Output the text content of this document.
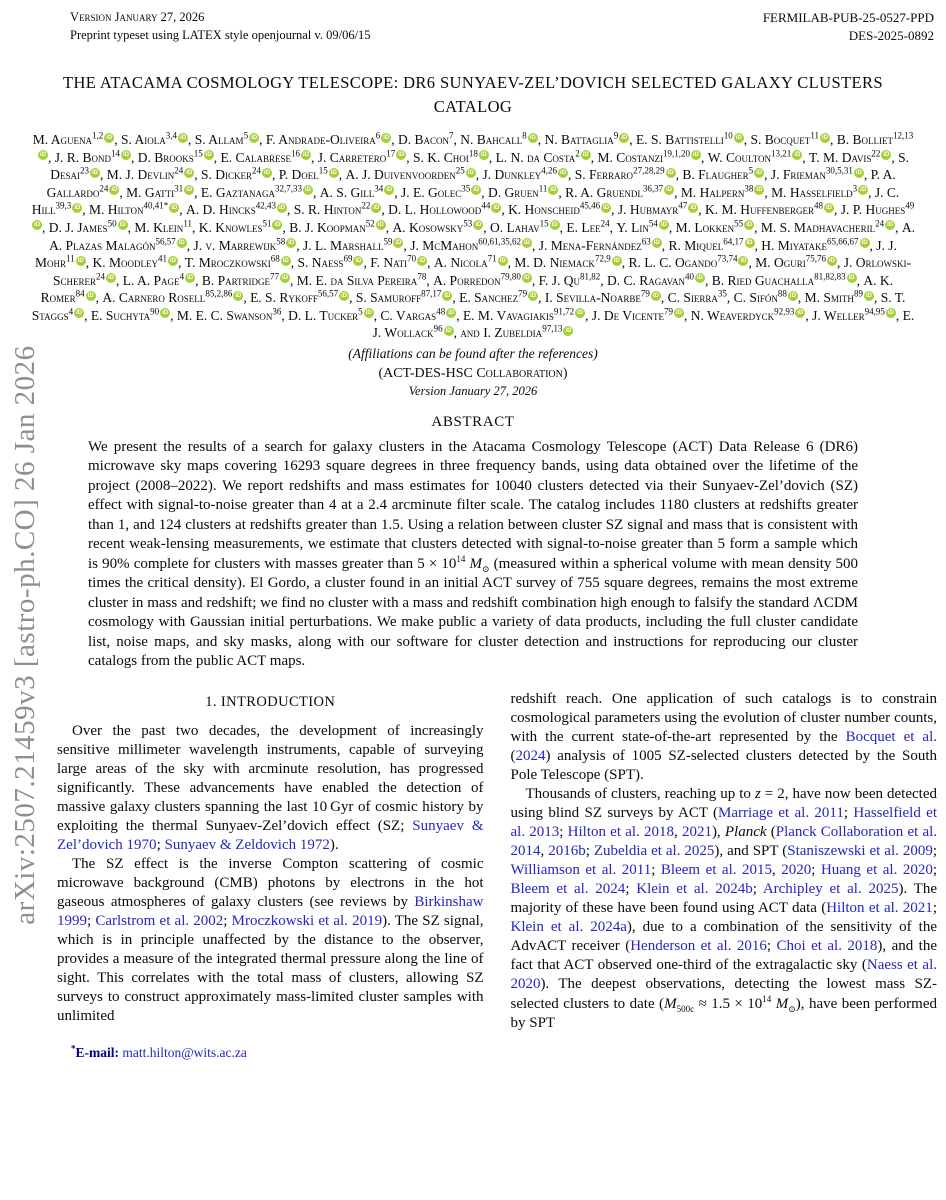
arXiv:2507.21459v3 [astro-ph.CO] 26 Jan 2026
Version January 27, 2026
Preprint typeset using LATEX style openjournal v. 09/06/15
FERMILAB-PUB-25-0527-PPD
DES-2025-0892
THE ATACAMA COSMOLOGY TELESCOPE: DR6 SUNYAEV-ZEL’DOVICH SELECTED GALAXY CLUSTERS CATALOG
M. Aguena$^{1,2}$ iD , S. Aiola$^{3,4}$ iD , S. Allam$^5$ iD , F. Andrade-Oliveira$^6$ iD , D. Bacon$^7$, N. Bahcall$^8$ iD , N. Battaglia$^9$ iD , E. S. Battistelli$^{10}$ iD , S. Bocquet$^{11}$ iD , B. Bolliet$^{12,13}$iD , J. R. Bond$^{14}$ iD , D. Brooks$^{15}$ iD , E. Calabrese$^{16}$ iD , J. Carretero$^{17}$ iD , S. K. Choi$^{18}$ iD , L. N. da Costa$^2$ iD , M. Costanzi$^{19,1,20}$ iD , W. Coulton$^{13,21}$ iD , T. M. Davis$^{22}$ iD , S. Desai$^{23}$ iD , M. J. Devlin$^{24}$ iD , S. Dicker$^{24}$ iD , P. Doel$^{15}$ iD , A. J. Duivenvoorden$^{25}$ iD , J. Dunkley$^{4,26}$ iD , S. Ferraro$^{27,28,29}$ iD , B. Flaugher$^5$ iD , J. Frieman$^{30,5,31}$ iD , P. A. Gallardo$^{24}$ iD , M. Gatti$^{31}$ iD , E. Gaztanaga$^{32,7,33}$ iD , A. S. Gill$^{34}$ iD , J. E. Golec$^{35}$ iD , D. Gruen$^{11}$ iD , R. A. Gruendl$^{36,37}$ iD , M. Halpern$^{38}$ iD , M. Hasselfield$^3$ iD , J. C. Hill$^{39,3}$ iD , M. Hilton$^{40,41*}$ iD , A. D. Hincks$^{42,43}$ iD , S. R. Hinton$^{22}$ iD , D. L. Hollowood$^{44}$ iD , K. Honscheid$^{45,46}$ iD , J. Hubmayr$^{47}$ iD , K. M. Huffenberger$^{48}$ iD , J. P. Hughes$^{49}$iD , D. J. James$^{50}$ iD , M. Klein$^{11}$, K. Knowles$^{51}$ iD , B. J. Koopman$^{52}$ iD , A. Kosowsky$^{53}$ iD , O. Lahav$^{15}$ iD , E. Lee$^{24}$, Y. Lin$^{54}$ iD , M. Lokken$^{55}$ iD , M. S. Madhavacheril$^{24}$ iD , A. A. Plazas Malagón$^{56,57}$ iD , J. v. Marrewijk$^{58}$ iD , J. L. Marshall$^{59}$ iD , J. McMahon$^{60,61,35,62}$ iD , J. Mena-Fernández$^{63}$ iD , R. Miquel$^{64,17}$ iD , H. Miyatake$^{65,66,67}$ iD , J. J. Mohr$^{11}$ iD , K. Moodley$^{41}$ iD , T. Mroczkowski$^{68}$ iD , S. Naess$^{69}$ iD , F. Nati$^{70}$ iD , A. Nicola$^{71}$ iD , M. D. Niemack$^{72,9}$ iD , R. L. C. Ogando$^{73,74}$ iD , M. Oguri$^{75,76}$ iD , J. Orlowski-Scherer$^{24}$ iD , L. A. Page$^4$ iD , B. Partridge$^{77}$ iD , M. E. da Silva Pereira$^{78}$, A. Porredon$^{79,80}$ iD , F. J. Qu$^{81,82}$, D. C. Ragavan$^{40}$ iD , B. Ried Guachalla$^{81,82,83}$ iD , A. K. Romer$^{84}$ iD , A. Carnero Rosell$^{85,2,86}$ iD , E. S. Rykoff$^{56,57}$ iD , S. Samuroff$^{87,17}$ iD , E. Sanchez$^{79}$ iD , I. Sevilla-Noarbe$^{79}$ iD , C. Sierra$^{35}$, C. Sifón$^{88}$ iD , M. Smith$^{89}$ iD , S. T. Staggs$^4$ iD , E. Suchyta$^{90}$ iD , M. E. C. Swanson$^{36}$, D. L. Tucker$^5$ iD , C. Vargas$^{48}$ iD , E. M. Vavagiakis$^{91,72}$ iD , J. De Vicente$^{79}$ iD , N. Weaverdyck$^{92,93}$ iD , J. Weller$^{94,95}$ iD , E. J. Wollack$^{96}$ iD , and I. Zubeldia$^{97,13}$ iD
(Affiliations can be found after the references)
(ACT-DES-HSC Collaboration)
Version January 27, 2026
ABSTRACT

We present the results of a search for galaxy clusters in the Atacama Cosmology Telescope (ACT) Data Release 6 (DR6) microwave sky maps covering 16293 square degrees in three frequency bands, using data obtained over the lifetime of the project (2008–2022). We report redshifts and mass estimates for 10040 clusters detected via their Sunyaev-Zel’dovich (SZ) effect with signal-to-noise greater than 4 at a 2.4 arcminute filter scale. The catalog includes 1180 clusters at redshifts greater than 1, and 124 clusters at redshifts greater than 1.5. Using a relation between cluster SZ signal and mass that is consistent with recent weak-lensing measurements, we estimate that clusters detected with signal-to-noise greater than 5 form a sample which is 90% complete for clusters with masses greater than $5 \times 10^{14}$ $M_⊙$ (measured within a spherical volume with mean density 500 times the critical density). El Gordo, a cluster found in an initial ACT survey of 755 square degrees, remains the most extreme cluster in mass and redshift; we find no cluster with a mass and redshift combination high enough to falsify the standard ΛCDM cosmology with Gaussian initial perturbations. We make public a variety of data products, including the full cluster candidate list, noise maps, and sky masks, along with our software for cluster detection and instructions for reproducing our cluster catalogs from the public ACT maps.

1. INTRODUCTION

Over the past two decades, the development of increasingly sensitive millimeter wavelength instruments, capable of surveying large areas of the sky with arcminute resolution, has progressed significantly. These advancements have enabled the detection of massive galaxy clusters spanning the last 10 Gyr of cosmic history by exploiting the thermal Sunyaev-Zel’dovich effect (SZ; Sunyaev & Zel’dovich 1970; Sunyaev & Zeldovich 1972).

The SZ effect is the inverse Compton scattering of cosmic microwave background (CMB) photons by electrons in the hot gaseous atmospheres of galaxy clusters (see reviews by Birkinshaw 1999; Carlstrom et al. 2002; Mroczkowski et al. 2019). The SZ signal, which is in principle unaffected by the distance to the observer, provides a measure of the integrated thermal pressure along the line of sight. This correlates with the total mass of clusters, allowing SZ surveys to construct approximately mass-limited cluster samples with unlimited

*E-mail: matt.hilton@wits.ac.za

redshift reach. One application of such catalogs is to constrain cosmological parameters using the evolution of cluster number counts, with the current state-of-the-art represented by the Bocquet et al. (2024) analysis of 1005 SZ-selected clusters detected by the South Pole Telescope (SPT).

Thousands of clusters, reaching up to z = 2, have now been detected using blind SZ surveys by ACT (Marriage et al. 2011; Hasselfield et al. 2013; Hilton et al. 2018, 2021), Planck (Planck Collaboration et al. 2014, 2016b; Zubeldia et al. 2025), and SPT (Staniszewski et al. 2009; Williamson et al. 2011; Bleem et al. 2015, 2020; Huang et al. 2020; Bleem et al. 2024; Klein et al. 2024b; Archipley et al. 2025). The majority of these have been found using ACT data (Hilton et al. 2021; Klein et al. 2024a), due to a combination of the sensitivity of the AdvACT receiver (Henderson et al. 2016; Choi et al. 2018), and the fact that ACT observed one-third of the extragalactic sky (Naess et al. 2020). The deepest observations, detecting the lowest mass SZ-selected clusters to date ($M_{500c} \approx 1.5 \times 10^{14}$ $M_⊙$), have been performed by SPT
